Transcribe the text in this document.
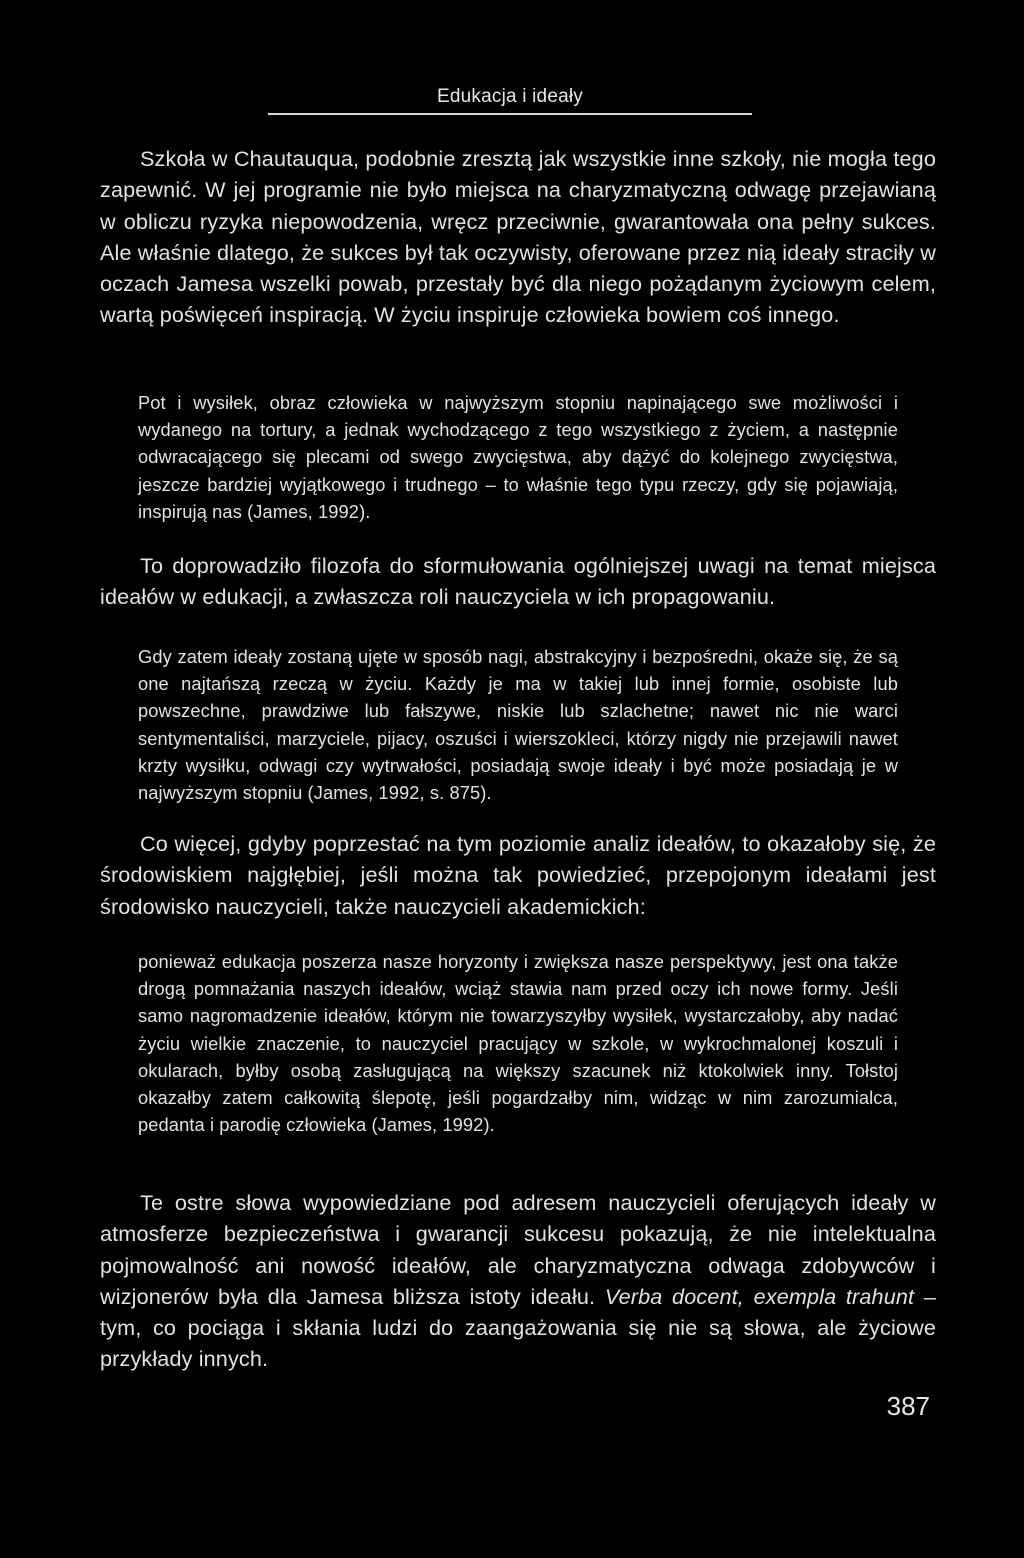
Edukacja i ideały

Szkoła w Chautauqua, podobnie zresztą jak wszystkie inne szkoły, nie mogła tego zapewnić. W jej programie nie było miejsca na charyzmatyczną odwagę przejawianą w obliczu ryzyka niepowodzenia, wręcz przeciwnie, gwarantowała ona pełny sukces. Ale właśnie dlatego, że sukces był tak oczywisty, oferowane przez nią ideały straciły w oczach Jamesa wszelki powab, przestały być dla niego pożądanym życiowym celem, wartą poświęceń inspiracją. W życiu inspiruje człowieka bowiem coś innego.

Pot i wysiłek, obraz człowieka w najwyższym stopniu napinającego swe możliwości i wydanego na tortury, a jednak wychodzącego z tego wszystkiego z życiem, a następnie odwracającego się plecami od swego zwycięstwa, aby dążyć do kolejnego zwycięstwa, jeszcze bardziej wyjątkowego i trudnego – to właśnie tego typu rzeczy, gdy się pojawiają, inspirują nas (James, 1992).

To doprowadziło filozofa do sformułowania ogólniejszej uwagi na temat miejsca ideałów w edukacji, a zwłaszcza roli nauczyciela w ich propagowaniu.

Gdy zatem ideały zostaną ujęte w sposób nagi, abstrakcyjny i bezpośredni, okaże się, że są one najtańszą rzeczą w życiu. Każdy je ma w takiej lub innej formie, osobiste lub powszechne, prawdziwe lub fałszywe, niskie lub szlachetne; nawet nic nie warci sentymentaliści, marzyciele, pijacy, oszuści i wierszokleci, którzy nigdy nie przejawili nawet krzty wysiłku, odwagi czy wytrwałości, posiadają swoje ideały i być może posiadają je w najwyższym stopniu (James, 1992, s. 875).

Co więcej, gdyby poprzestać na tym poziomie analiz ideałów, to okazałoby się, że środowiskiem najgłębiej, jeśli można tak powiedzieć, przepojonym ideałami jest środowisko nauczycieli, także nauczycieli akademickich:

ponieważ edukacja poszerza nasze horyzonty i zwiększa nasze perspektywy, jest ona także drogą pomnażania naszych ideałów, wciąż stawia nam przed oczy ich nowe formy. Jeśli samo nagromadzenie ideałów, którym nie towarzyszyłby wysiłek, wystarczałoby, aby nadać życiu wielkie znaczenie, to nauczyciel pracujący w szkole, w wykrochmalonej koszuli i okularach, byłby osobą zasługującą na większy szacunek niż ktokolwiek inny. Tołstoj okazałby zatem całkowitą ślepotę, jeśli pogardzałby nim, widząc w nim zarozumialca, pedanta i parodię człowieka (James, 1992).

Te ostre słowa wypowiedziane pod adresem nauczycieli oferujących ideały w atmosferze bezpieczeństwa i gwarancji sukcesu pokazują, że nie intelektualna pojmowalność ani nowość ideałów, ale charyzmatyczna odwaga zdobywców i wizjonerów była dla Jamesa bliższa istoty ideału. Verba docent, exempla trahunt – tym, co pociąga i skłania ludzi do zaangażowania się nie są słowa, ale życiowe przykłady innych.

387
